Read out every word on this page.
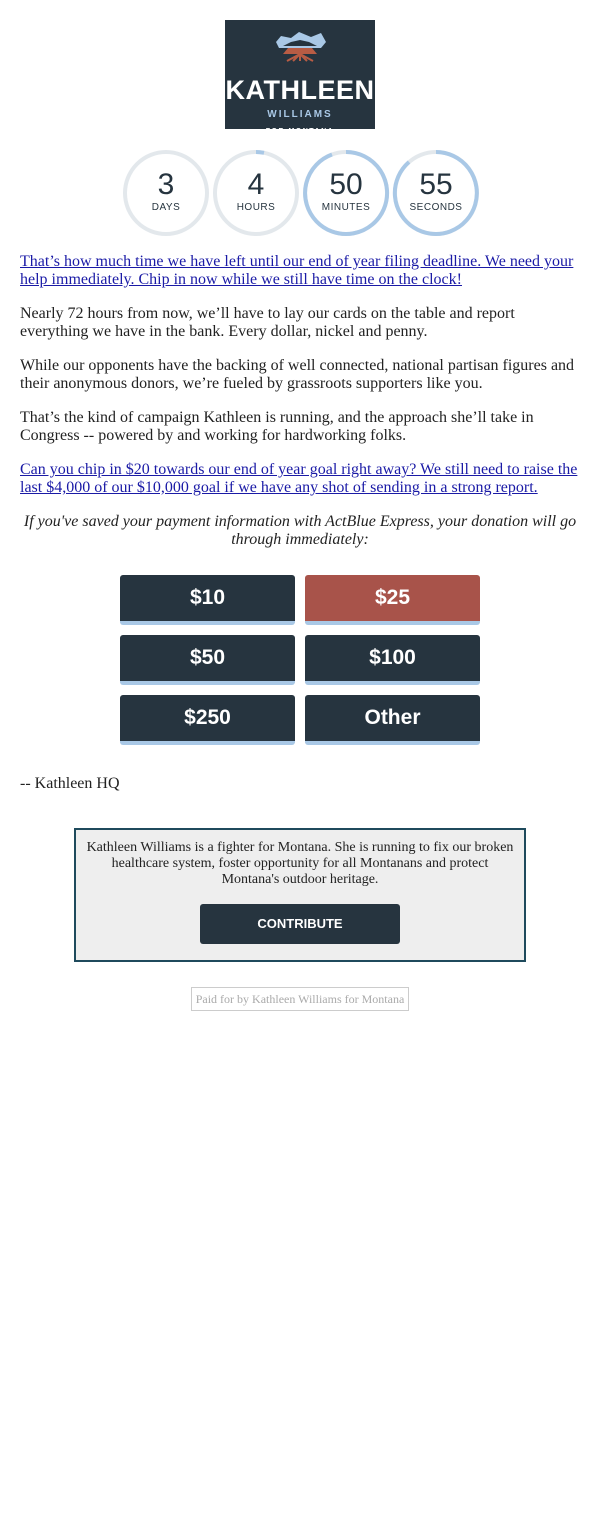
KATHLEEN
WILLIAMS
FOR MONTANA
3
DAYS
4
HOURS
50
MINUTES
55
SECONDS

That’s how much time we have left until our end of year filing deadline. We need your help immediately. Chip in now while we still have time on the clock!

Nearly 72 hours from now, we’ll have to lay our cards on the table and report everything we have in the bank. Every dollar, nickel and penny.

While our opponents have the backing of well connected, national partisan figures and their anonymous donors, we’re fueled by grassroots supporters like you.

That’s the kind of campaign Kathleen is running, and the approach she’ll take in Congress -- powered by and working for hardworking folks.

Can you chip in $20 towards our end of year goal right away? We still need to raise the last $4,000 of our $10,000 goal if we have any shot of sending in a strong report.

If you've saved your payment information with ActBlue Express, your donation will go through immediately:

$10	$25
$50	$100
$250	Other

-- Kathleen HQ

Kathleen Williams is a fighter for Montana. She is running to fix our broken healthcare system, foster opportunity for all Montanans and protect Montana's outdoor heritage.

CONTRIBUTE
Paid for by Kathleen Williams for Montana
